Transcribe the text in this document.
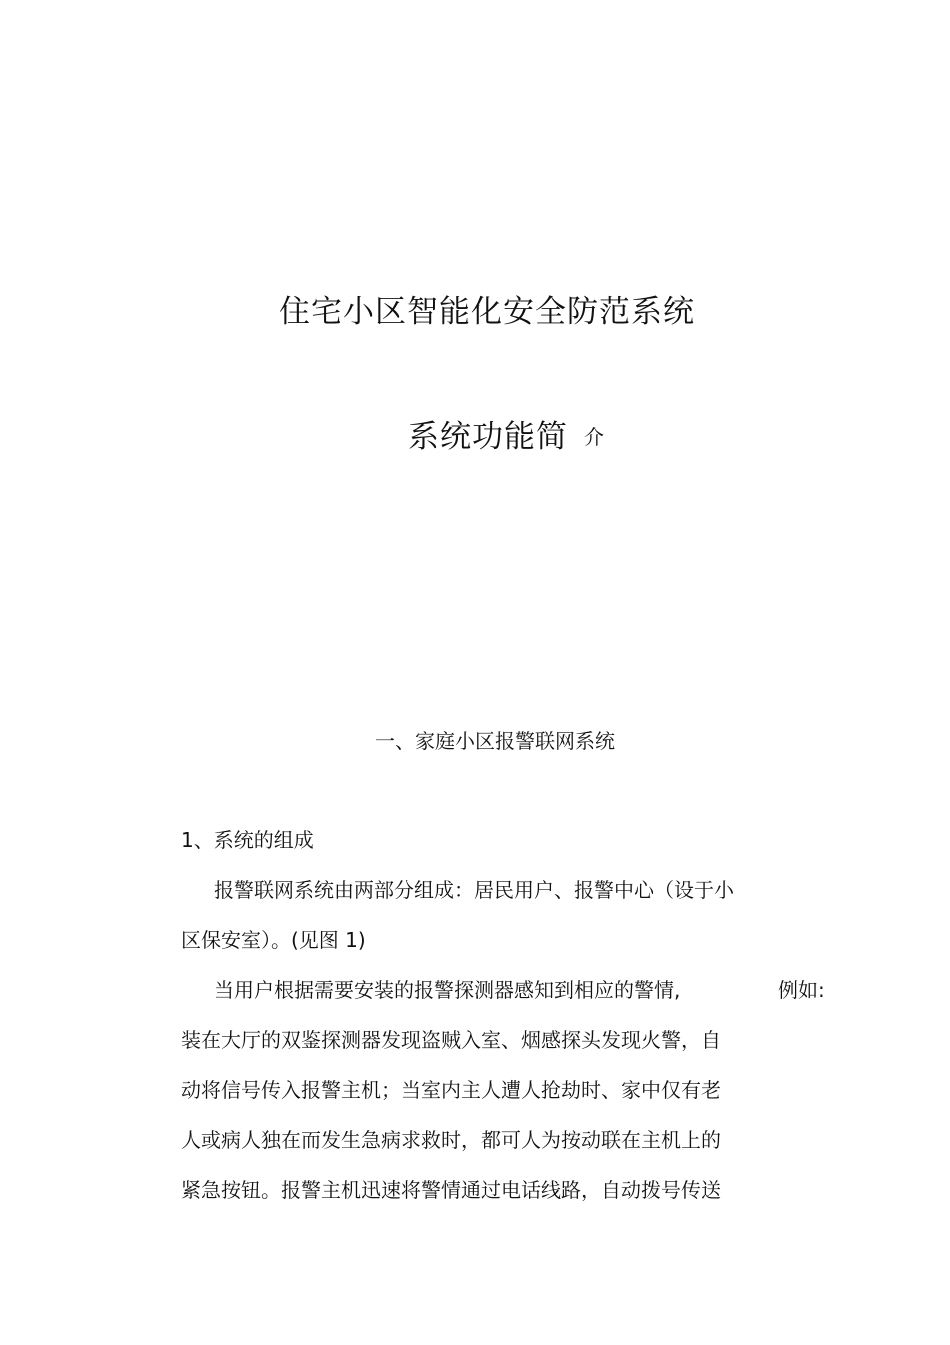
住宅小区智能化安全防范系统
系统功能简 介
一、家庭小区报警联网系统
1、系统的组成
报警联网系统由两部分组成：居民用户、报警中心（设于小
区保安室）。(见图 1)
当用户根据需要安装的报警探测器感知到相应的警情,	例如:
装在大厅的双鉴探测器发现盗贼入室、烟感探头发现火警，自
动将信号传入报警主机；当室内主人遭人抢劫时、家中仅有老
人或病人独在而发生急病求救时，都可人为按动联在主机上的
紧急按钮。报警主机迅速将警情通过电话线路，自动拨号传送
